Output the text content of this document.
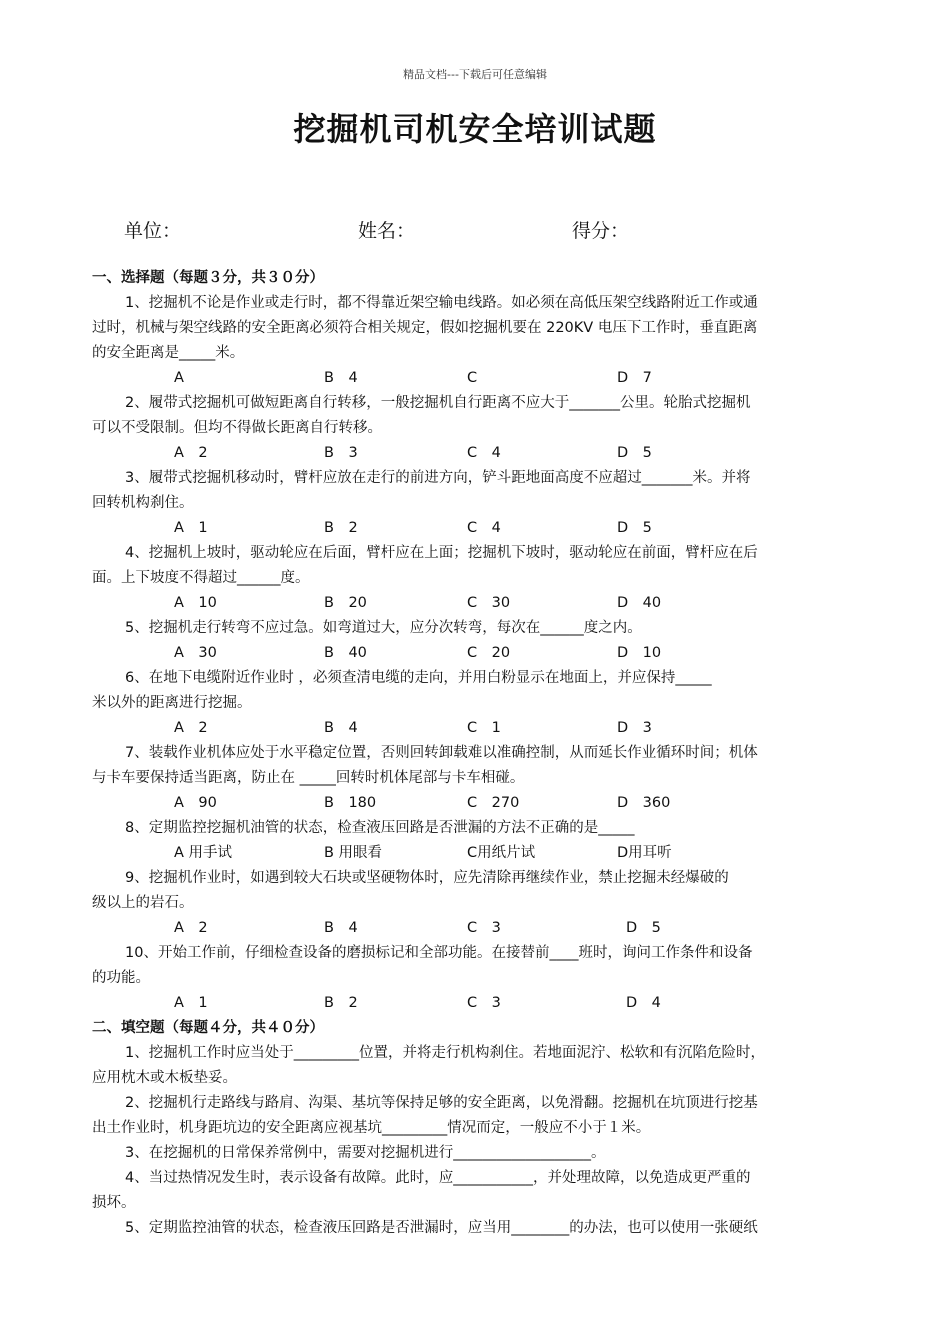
精品文档---下载后可任意编辑
挖掘机司机安全培训试题
单位：	姓名：	得分：
一、选择题（每题３分，共３０分）
1、挖掘机不论是作业或走行时，都不得靠近架空输电线路。如必须在高低压架空线路附近工作或通
过时，机械与架空线路的安全距离必须符合相关规定，假如挖掘机要在 220KV 电压下工作时，垂直距离
的安全距离是_____米。
A	B　4	C	D　7
2、履带式挖掘机可做短距离自行转移，一般挖掘机自行距离不应大于_______公里。轮胎式挖掘机
可以不受限制。但均不得做长距离自行转移。
A　2	B　3	C　4	D　5
3、履带式挖掘机移动时，臂杆应放在走行的前进方向，铲斗距地面高度不应超过_______米。并将
回转机构刹住。
A　1	B　2	C　4	D　5
4、挖掘机上坡时，驱动轮应在后面，臂杆应在上面；挖掘机下坡时，驱动轮应在前面，臂杆应在后
面。上下坡度不得超过______度。
A　10	B　20	C　30	D　40
5、挖掘机走行转弯不应过急。如弯道过大，应分次转弯，每次在______度之内。
A　30	B　40	C　20	D　10
6、在地下电缆附近作业时 ，必须查清电缆的走向，并用白粉显示在地面上，并应保持_____
米以外的距离进行挖掘。
A　2	B　4	C　1	D　3
7、装载作业机体应处于水平稳定位置，否则回转卸载难以准确控制，从而延长作业循环时间；机体
与卡车要保持适当距离，防止在 _____回转时机体尾部与卡车相碰。
A　90	B　180	C　270	D　360
8、定期监控挖掘机油管的状态，检查液压回路是否泄漏的方法不正确的是_____
A 用手试	B 用眼看	C用纸片试	D用耳听
9、挖掘机作业时，如遇到较大石块或坚硬物体时，应先清除再继续作业，禁止挖掘未经爆破的
级以上的岩石。
A　2	B　4	C　3	D　5
10、开始工作前，仔细检查设备的磨损标记和全部功能。在接替前____班时，询问工作条件和设备
的功能。
A　1	B　2	C　3	D　4
二、填空题（每题４分，共４０分）
1、挖掘机工作时应当处于_________位置，并将走行机构刹住。若地面泥泞、松软和有沉陷危险时，
应用枕木或木板垫妥。
2、挖掘机行走路线与路肩、沟渠、基坑等保持足够的安全距离，以免滑翻。挖掘机在坑顶进行挖基
出土作业时，机身距坑边的安全距离应视基坑_________情况而定，一般应不小于１米。
3、在挖掘机的日常保养常例中，需要对挖掘机进行___________________。
4、当过热情况发生时，表示设备有故障。此时，应___________，并处理故障，以免造成更严重的
损坏。
5、定期监控油管的状态，检查液压回路是否泄漏时，应当用________的办法，也可以使用一张硬纸
